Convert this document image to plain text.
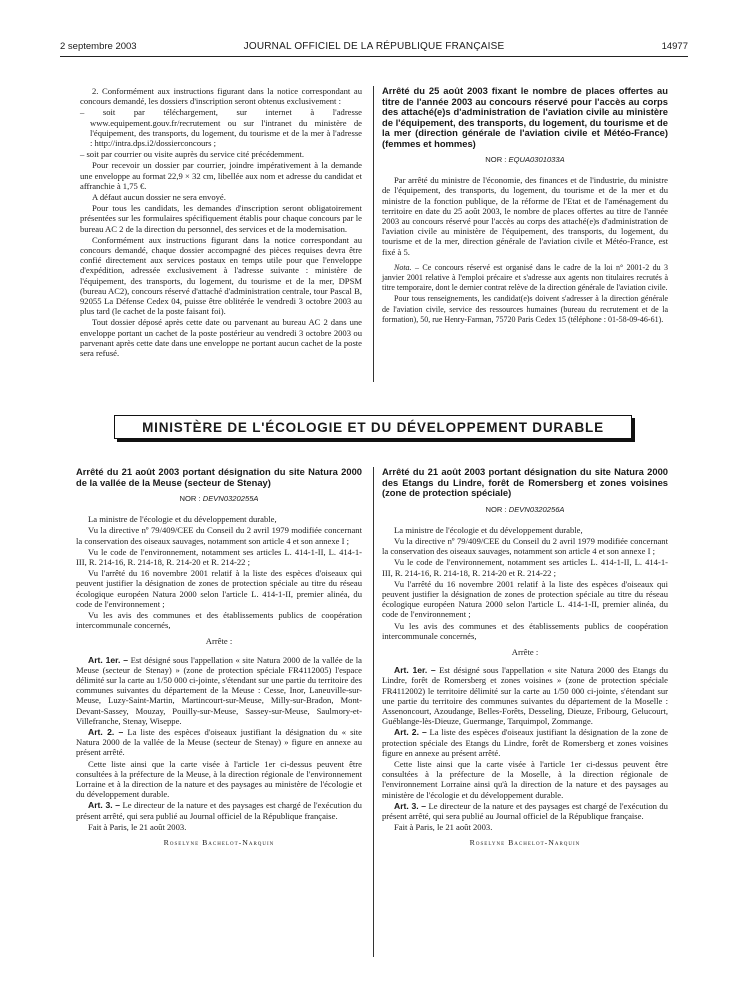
2 septembre 2003	JOURNAL OFFICIEL DE LA RÉPUBLIQUE FRANÇAISE	14977

2. Conformément aux instructions figurant dans la notice correspondant au concours demandé, les dossiers d'inscription seront obtenus exclusivement :

– soit par téléchargement, sur internet à l'adresse www.equipement.gouv.fr/recrutement ou sur l'intranet du ministère de l'équipement, des transports, du logement, du tourisme et de la mer à l'adresse : http://intra.dps.i2/dossierconcours ;

– soit par courrier ou visite auprès du service cité précédemment.

Pour recevoir un dossier par courrier, joindre impérativement à la demande une enveloppe au format 22,9 × 32 cm, libellée aux nom et adresse du candidat et affranchie à 1,75 €.

A défaut aucun dossier ne sera envoyé.

Pour tous les candidats, les demandes d'inscription seront obligatoirement présentées sur les formulaires spécifiquement établis pour chaque concours par le bureau AC 2 de la direction du personnel, des services et de la modernisation.

Conformément aux instructions figurant dans la notice correspondant au concours demandé, chaque dossier accompagné des pièces requises devra être confié directement aux services postaux en temps utile pour que l'enveloppe d'expédition, adressée exclusivement à l'adresse suivante : ministère de l'équipement, des transports, du logement, du tourisme et de la mer, DPSM (bureau AC2), concours réservé d'attaché d'administration centrale, tour Pascal B, 92055 La Défense Cedex 04, puisse être oblitérée le vendredi 3 octobre 2003 au plus tard (le cachet de la poste faisant foi).

Tout dossier déposé après cette date ou parvenant au bureau AC 2 dans une enveloppe portant un cachet de la poste postérieur au vendredi 3 octobre 2003 ou parvenant après cette date dans une enveloppe ne portant aucun cachet de la poste sera refusé.

Arrêté du 25 août 2003 fixant le nombre de places offertes au titre de l'année 2003 au concours réservé pour l'accès au corps des attaché(e)s d'administration de l'aviation civile au ministère de l'équipement, des transports, du logement, du tourisme et de la mer (direction générale de l'aviation civile et Météo-France) (femmes et hommes)
NOR : EQUA0301033A

Par arrêté du ministre de l'économie, des finances et de l'industrie, du ministre de l'équipement, des transports, du logement, du tourisme et de la mer et du ministre de la fonction publique, de la réforme de l'Etat et de l'aménagement du territoire en date du 25 août 2003, le nombre de places offertes au titre de l'année 2003 au concours réservé pour l'accès au corps des attaché(e)s d'administration de l'aviation civile au ministère de l'équipement, des transports, du logement, du tourisme et de la mer, direction générale de l'aviation civile et Météo-France, est fixé à 5.

Nota. – Ce concours réservé est organisé dans le cadre de la loi n° 2001-2 du 3 janvier 2001 relative à l'emploi précaire et s'adresse aux agents non titulaires recrutés à titre temporaire, dont le dernier contrat relève de la direction générale de l'aviation civile.

Pour tous renseignements, les candidat(e)s doivent s'adresser à la direction générale de l'aviation civile, service des ressources humaines (bureau du recrutement et de la formation), 50, rue Henry-Farman, 75720 Paris Cedex 15 (téléphone : 01-58-09-46-61).

MINISTÈRE DE L'ÉCOLOGIE ET DU DÉVELOPPEMENT DURABLE
Arrêté du 21 août 2003 portant désignation du site Natura 2000 de la vallée de la Meuse (secteur de Stenay)
NOR : DEVN0320255A

La ministre de l'écologie et du développement durable,

Vu la directive nº 79/409/CEE du Conseil du 2 avril 1979 modifiée concernant la conservation des oiseaux sauvages, notamment son article 4 et son annexe I ;

Vu le code de l'environnement, notamment ses articles L. 414-1-II, L. 414-1-III, R. 214-16, R. 214-18, R. 214-20 et R. 214-22 ;

Vu l'arrêté du 16 novembre 2001 relatif à la liste des espèces d'oiseaux qui peuvent justifier la désignation de zones de protection spéciale au titre du réseau écologique européen Natura 2000 selon l'article L. 414-1-II, premier alinéa, du code de l'environnement ;

Vu les avis des communes et des établissements publics de coopération intercommunale concernés,

Arrête :

Art. 1er. – Est désigné sous l'appellation « site Natura 2000 de la vallée de la Meuse (secteur de Stenay) » (zone de protection spéciale FR4112005) l'espace délimité sur la carte au 1/50 000 ci-jointe, s'étendant sur une partie du territoire des communes suivantes du département de la Meuse : Cesse, Inor, Laneuville-sur-Meuse, Luzy-Saint-Martin, Martincourt-sur-Meuse, Milly-sur-Bradon, Mont-Devant-Sassey, Mouzay, Pouilly-sur-Meuse, Sassey-sur-Meuse, Saulmory-et-Villefranche, Stenay, Wiseppe.

Art. 2. – La liste des espèces d'oiseaux justifiant la désignation du « site Natura 2000 de la vallée de la Meuse (secteur de Stenay) » figure en annexe au présent arrêté.

Cette liste ainsi que la carte visée à l'article 1er ci-dessus peuvent être consultées à la préfecture de la Meuse, à la direction régionale de l'environnement Lorraine et à la direction de la nature et des paysages au ministère de l'écologie et du développement durable.

Art. 3. – Le directeur de la nature et des paysages est chargé de l'exécution du présent arrêté, qui sera publié au Journal officiel de la République française.

Fait à Paris, le 21 août 2003.

Roselyne Bachelot-Narquin
Arrêté du 21 août 2003 portant désignation du site Natura 2000 des Etangs du Lindre, forêt de Romersberg et zones voisines (zone de protection spéciale)
NOR : DEVN0320256A

La ministre de l'écologie et du développement durable,

Vu la directive nº 79/409/CEE du Conseil du 2 avril 1979 modifiée concernant la conservation des oiseaux sauvages, notamment son article 4 et son annexe I ;

Vu le code de l'environnement, notamment ses articles L. 414-1-II, L. 414-1-III, R. 214-16, R. 214-18, R. 214-20 et R. 214-22 ;

Vu l'arrêté du 16 novembre 2001 relatif à la liste des espèces d'oiseaux qui peuvent justifier la désignation de zones de protection spéciale au titre du réseau écologique européen Natura 2000 selon l'article L. 414-1-II, premier alinéa, du code de l'environnement ;

Vu les avis des communes et des établissements publics de coopération intercommunale concernés,

Arrête :

Art. 1er. – Est désigné sous l'appellation « site Natura 2000 des Etangs du Lindre, forêt de Romersberg et zones voisines » (zone de protection spéciale FR4112002) le territoire délimité sur la carte au 1/50 000 ci-jointe, s'étendant sur une partie du territoire des communes suivantes du département de la Moselle : Assenoncourt, Azoudange, Belles-Forêts, Desseling, Dieuze, Fribourg, Gelucourt, Guéblange-lès-Dieuze, Guermange, Tarquimpol, Zommange.

Art. 2. – La liste des espèces d'oiseaux justifiant la désignation de la zone de protection spéciale des Etangs du Lindre, forêt de Romersberg et zones voisines figure en annexe au présent arrêté.

Cette liste ainsi que la carte visée à l'article 1er ci-dessus peuvent être consultées à la préfecture de la Moselle, à la direction régionale de l'environnement Lorraine ainsi qu'à la direction de la nature et des paysages au ministère de l'écologie et du développement durable.

Art. 3. – Le directeur de la nature et des paysages est chargé de l'exécution du présent arrêté, qui sera publié au Journal officiel de la République française.

Fait à Paris, le 21 août 2003.

Roselyne Bachelot-Narquin
